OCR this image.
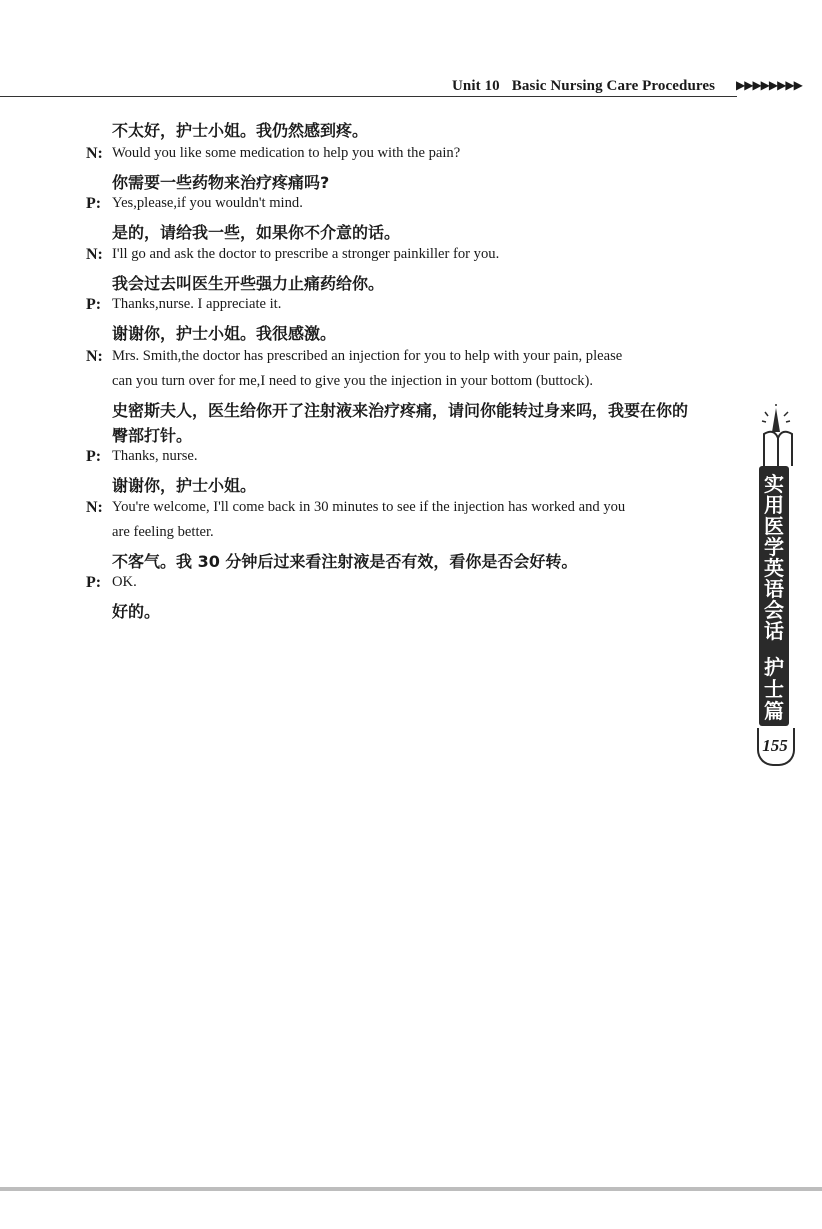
Unit 10 Basic Nursing Care Procedures ▶▶▶▶▶▶▶▶
不太好，护士小姐。我仍然感到疼。
N: Would you like some medication to help you with the pain?
你需要一些药物来治疗疼痛吗?
P: Yes,please,if you wouldn't mind.
是的，请给我一些，如果你不介意的话。
N: I'll go and ask the doctor to prescribe a stronger painkiller for you.
我会过去叫医生开些强力止痛药给你。
P: Thanks,nurse. I appreciate it.
谢谢你，护士小姐。我很感激。
N: Mrs. Smith,the doctor has prescribed an injection for you to help with your pain, please
can you turn over for me,I need to give you the injection in your bottom (buttock).
史密斯夫人，医生给你开了注射液来治疗疼痛，请问你能转过身来吗，我要在你的
臀部打针。
P: Thanks, nurse.
谢谢你，护士小姐。
N: You're welcome, I'll come back in 30 minutes to see if the injection has worked and you
are feeling better.
不客气。我 30 分钟后过来看注射液是否有效，看你是否会好转。
P: OK.
好的。
实用医学英语会话
护士篇
155
